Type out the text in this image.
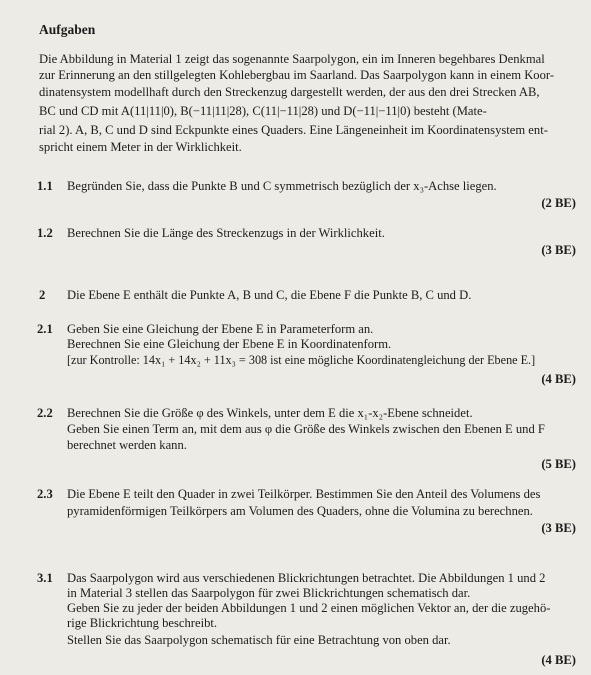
Aufgaben
Die Abbildung in Material 1 zeigt das sogenannte Saarpolygon, ein im Inneren begehbares Denkmal
zur Erinnerung an den stillgelegten Kohlebergbau im Saarland. Das Saarpolygon kann in einem Koor-
dinatensystem modellhaft durch den Streckenzug dargestellt werden, der aus den drei Strecken AB,
BC und CD mit A(11|11|0), B(−11|11|28), C(11|−11|28) und D(−11|−11|0) besteht (Mate-
rial 2). A, B, C und D sind Eckpunkte eines Quaders. Eine Längeneinheit im Koordinatensystem ent-
spricht einem Meter in der Wirklichkeit.
1.1 Begründen Sie, dass die Punkte B und C symmetrisch bezüglich der x₃-Achse liegen.
(2 BE)
1.2 Berechnen Sie die Länge des Streckenzugs in der Wirklichkeit.
(3 BE)
2 Die Ebene E enthält die Punkte A, B und C, die Ebene F die Punkte B, C und D.
2.1 Geben Sie eine Gleichung der Ebene E in Parameterform an.
Berechnen Sie eine Gleichung der Ebene E in Koordinatenform.
[zur Kontrolle: 14x₁ + 14x₂ + 11x₃ = 308 ist eine mögliche Koordinatengleichung der Ebene E.]
(4 BE)
2.2 Berechnen Sie die Größe φ des Winkels, unter dem E die x₁-x₂-Ebene schneidet.
Geben Sie einen Term an, mit dem aus φ die Größe des Winkels zwischen den Ebenen E und F
berechnet werden kann.
(5 BE)
2.3 Die Ebene E teilt den Quader in zwei Teilkörper. Bestimmen Sie den Anteil des Volumens des
pyramidenförmigen Teilkörpers am Volumen des Quaders, ohne die Volumina zu berechnen.
(3 BE)
3.1 Das Saarpolygon wird aus verschiedenen Blickrichtungen betrachtet. Die Abbildungen 1 und 2
in Material 3 stellen das Saarpolygon für zwei Blickrichtungen schematisch dar.
Geben Sie zu jeder der beiden Abbildungen 1 und 2 einen möglichen Vektor an, der die zugehö-
rige Blickrichtung beschreibt.
Stellen Sie das Saarpolygon schematisch für eine Betrachtung von oben dar.
(4 BE)
